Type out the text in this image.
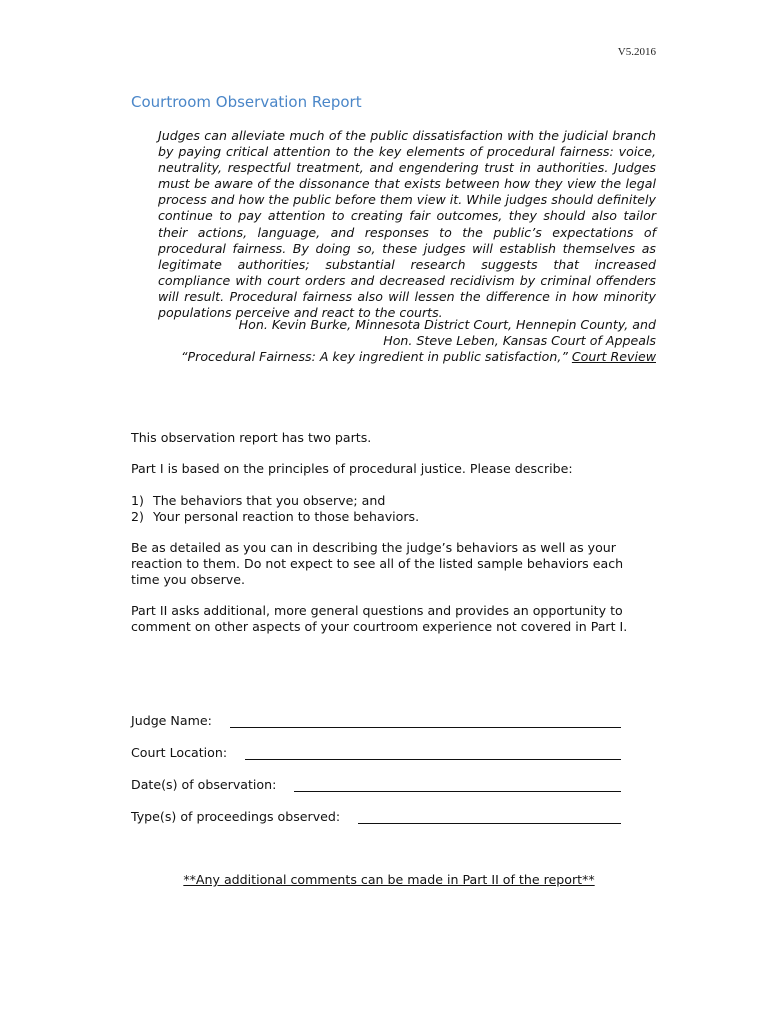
V5.2016
Courtroom Observation Report

Judges can alleviate much of the public dissatisfaction with the judicial branch by paying critical attention to the key elements of procedural fairness: voice, neutrality, respectful treatment, and engendering trust in authorities. Judges must be aware of the dissonance that exists between how they view the legal process and how the public before them view it. While judges should definitely continue to pay attention to creating fair outcomes, they should also tailor their actions, language, and responses to the public’s expectations of procedural fairness. By doing so, these judges will establish themselves as legitimate authorities; substantial research suggests that increased compliance with court orders and decreased recidivism by criminal offenders will result. Procedural fairness also will lessen the difference in how minority populations perceive and react to the courts.

Hon. Kevin Burke, Minnesota District Court, Hennepin County, and
Hon. Steve Leben, Kansas Court of Appeals
“Procedural Fairness: A key ingredient in public satisfaction,” Court Review

This observation report has two parts.

Part I is based on the principles of procedural justice. Please describe:

1) The behaviors that you observe; and
2) Your personal reaction to those behaviors.

Be as detailed as you can in describing the judge’s behaviors as well as your reaction to them. Do not expect to see all of the listed sample behaviors each time you observe.

Part II asks additional, more general questions and provides an opportunity to comment on other aspects of your courtroom experience not covered in Part I.

Judge Name:
Court Location:
Date(s) of observation:
Type(s) of proceedings observed:
**Any additional comments can be made in Part II of the report**
